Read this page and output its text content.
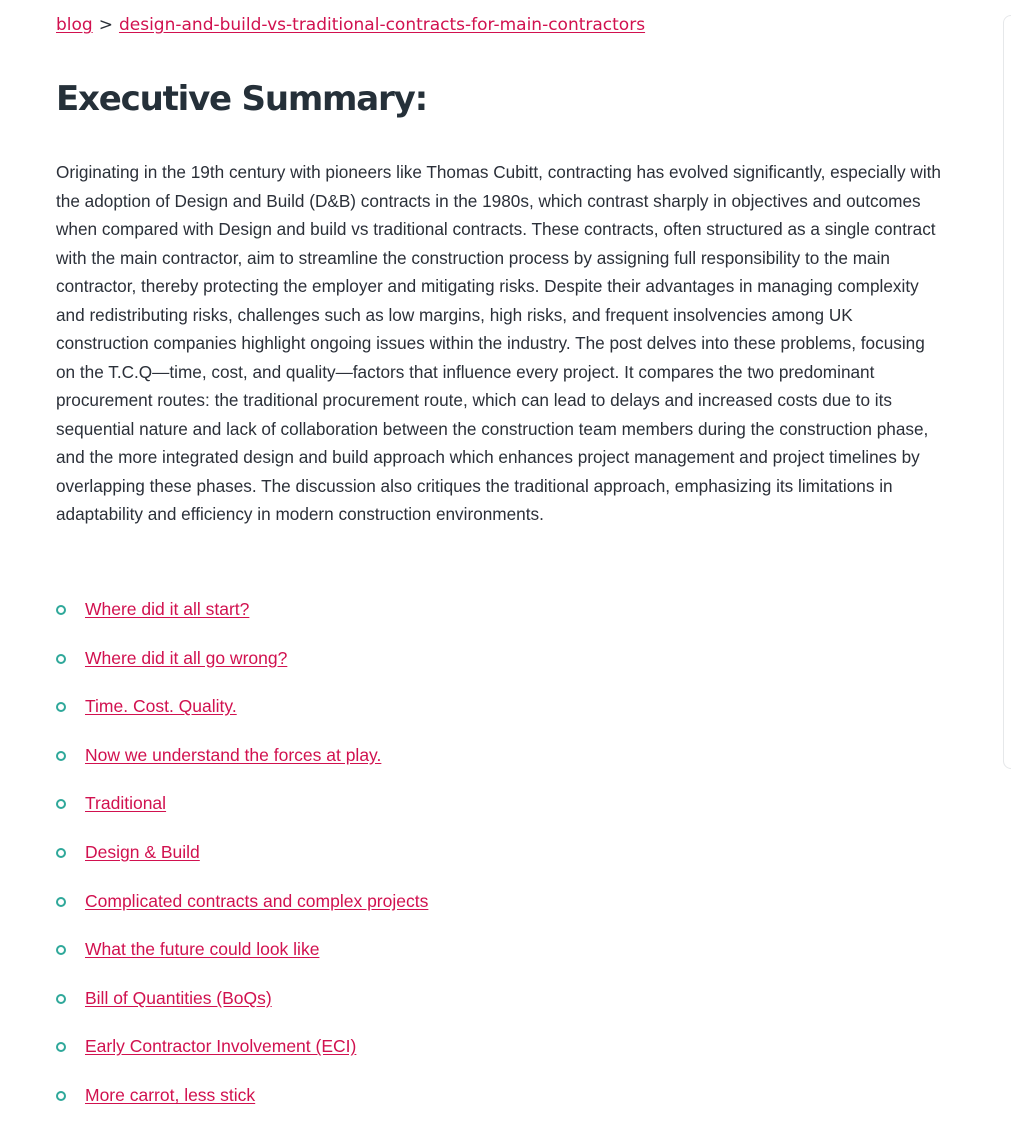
blog > design-and-build-vs-traditional-contracts-for-main-contractors
Executive Summary:

Originating in the 19th century with pioneers like Thomas Cubitt, contracting has evolved significantly, especially with the adoption of Design and Build (D&B) contracts in the 1980s, which contrast sharply in objectives and outcomes when compared with Design and build vs traditional contracts. These contracts, often structured as a single contract with the main contractor, aim to streamline the construction process by assigning full responsibility to the main contractor, thereby protecting the employer and mitigating risks. Despite their advantages in managing complexity and redistributing risks, challenges such as low margins, high risks, and frequent insolvencies among UK construction companies highlight ongoing issues within the industry. The post delves into these problems, focusing on the T.C.Q—time, cost, and quality—factors that influence every project. It compares the two predominant procurement routes: the traditional procurement route, which can lead to delays and increased costs due to its sequential nature and lack of collaboration between the construction team members during the construction phase, and the more integrated design and build approach which enhances project management and project timelines by overlapping these phases. The discussion also critiques the traditional approach, emphasizing its limitations in adaptability and efficiency in modern construction environments.

Where did it all start?
Where did it all go wrong?
Time. Cost. Quality.
Now we understand the forces at play.
Traditional
Design & Build
Complicated contracts and complex projects
What the future could look like
Bill of Quantities (BoQs)
Early Contractor Involvement (ECI)
More carrot, less stick
